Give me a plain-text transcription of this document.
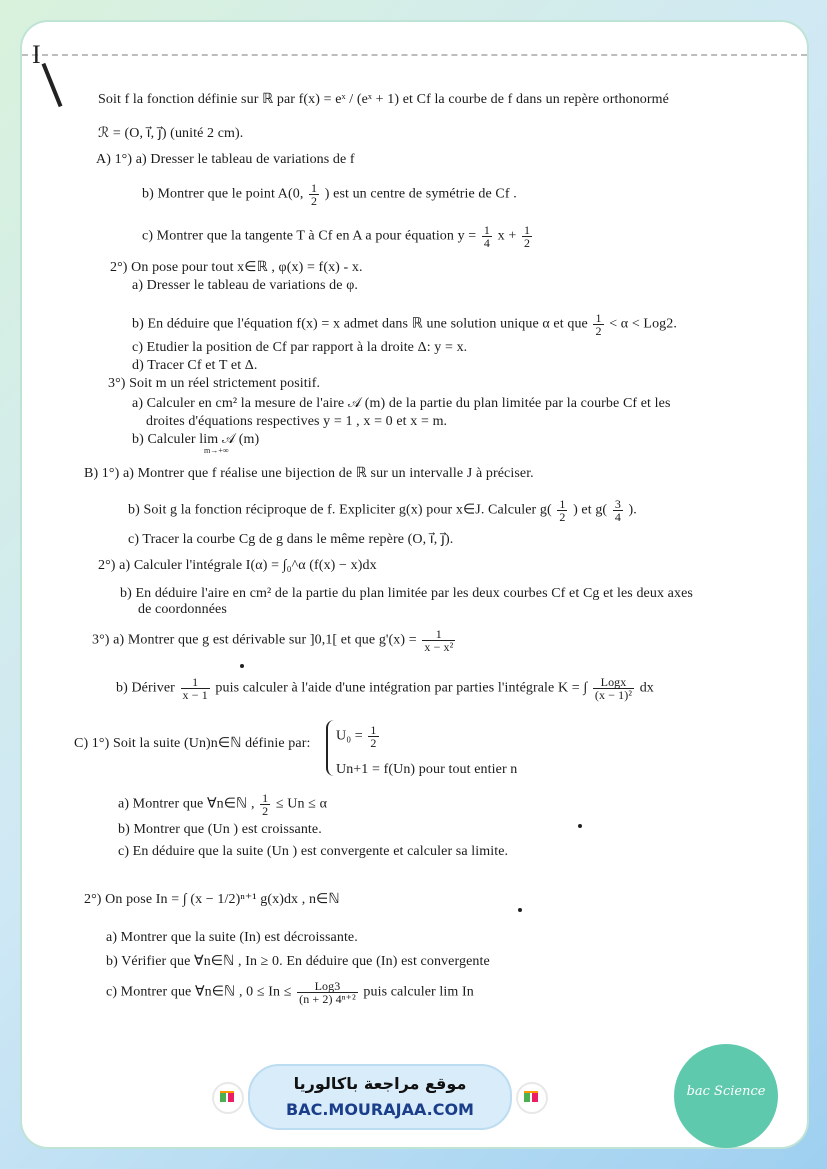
I
Soit f la fonction définie sur ℝ par f(x) = eˣ / (eˣ + 1) et Cf la courbe de f dans un repère orthonormé
ℛ = (O, i⃗, j⃗) (unité 2 cm).
A) 1°) a) Dresser le tableau de variations de f
b) Montrer que le point A(0, $\frac{1}{2}$ ) est un centre de symétrie de Cf .
c) Montrer que la tangente T à Cf en A a pour équation $y = \frac{1}{4}$ $x + \frac{1}{2}$
2°) On pose pour tout x∈ℝ , φ(x) = f(x) - x.
a) Dresser le tableau de variations de φ.
b) En déduire que l'équation f(x) = x admet dans ℝ une solution unique α et que $\frac{1}{2} < \alpha < Log2$.
c) Etudier la position de Cf par rapport à la droite Δ: y = x.
d) Tracer Cf et T et Δ.
3°) Soit m un réel strictement positif.
a) Calculer en cm² la mesure de l'aire 𝒜 (m) de la partie du plan limitée par la courbe Cf et les
droites d'équations respectives y = 1 , x = 0 et x = m.
b) Calculer lim 𝒜 (m)
m→+∞
B) 1°) a) Montrer que f réalise une bijection de ℝ sur un intervalle J à préciser.
b) Soit g la fonction réciproque de f. Expliciter g(x) pour x∈J. Calculer $g( \frac{1}{2}$ ) et $g( \frac{3}{4}$ ).
c) Tracer la courbe Cg de g dans le même repère (O, i⃗, j⃗).
2°) a) Calculer l'intégrale I(α) = ∫₀^α (f(x) − x)dx
b) En déduire l'aire en cm² de la partie du plan limitée par les deux courbes Cf et Cg et les deux axes
de coordonnées
3°) a) Montrer que g est dérivable sur ]0,1[ et que $g'(x) = \frac{1}{\text{x − x²}}$
b) Dériver $\frac{1}{x - 1}$ puis calculer à l'aide d'une intégration par parties l'intégrale K = ∫ $\frac{\text{Logx}}{\text{(x − 1)²}}$ dx
C) 1°) Soit la suite (Un)n∈ℕ définie par: $U_0 = \frac{1}{2}$
Un+1 = f(Un) pour tout entier n
a) Montrer que ∀n∈ℕ , $\frac{1}{2} \le Un \le \alpha$
b) Montrer que (Un ) est croissante.
c) En déduire que la suite (Un ) est convergente et calculer sa limite.
2°) On pose In = ∫ (x − 1/2)ⁿ⁺¹ g(x)dx , n∈ℕ
a) Montrer que la suite (In) est décroissante.
b) Vérifier que ∀n∈ℕ , In ≥ 0. En déduire que (In) est convergente
c) Montrer que ∀n∈ℕ , $0 \le In \le \frac{\text{Log3}}{\text{(n + 2) 4ⁿ⁺²}}$ puis calculer lim In
موقع مراجعة باكالوريا
BAC.MOURAJAA.COM
bac Science
